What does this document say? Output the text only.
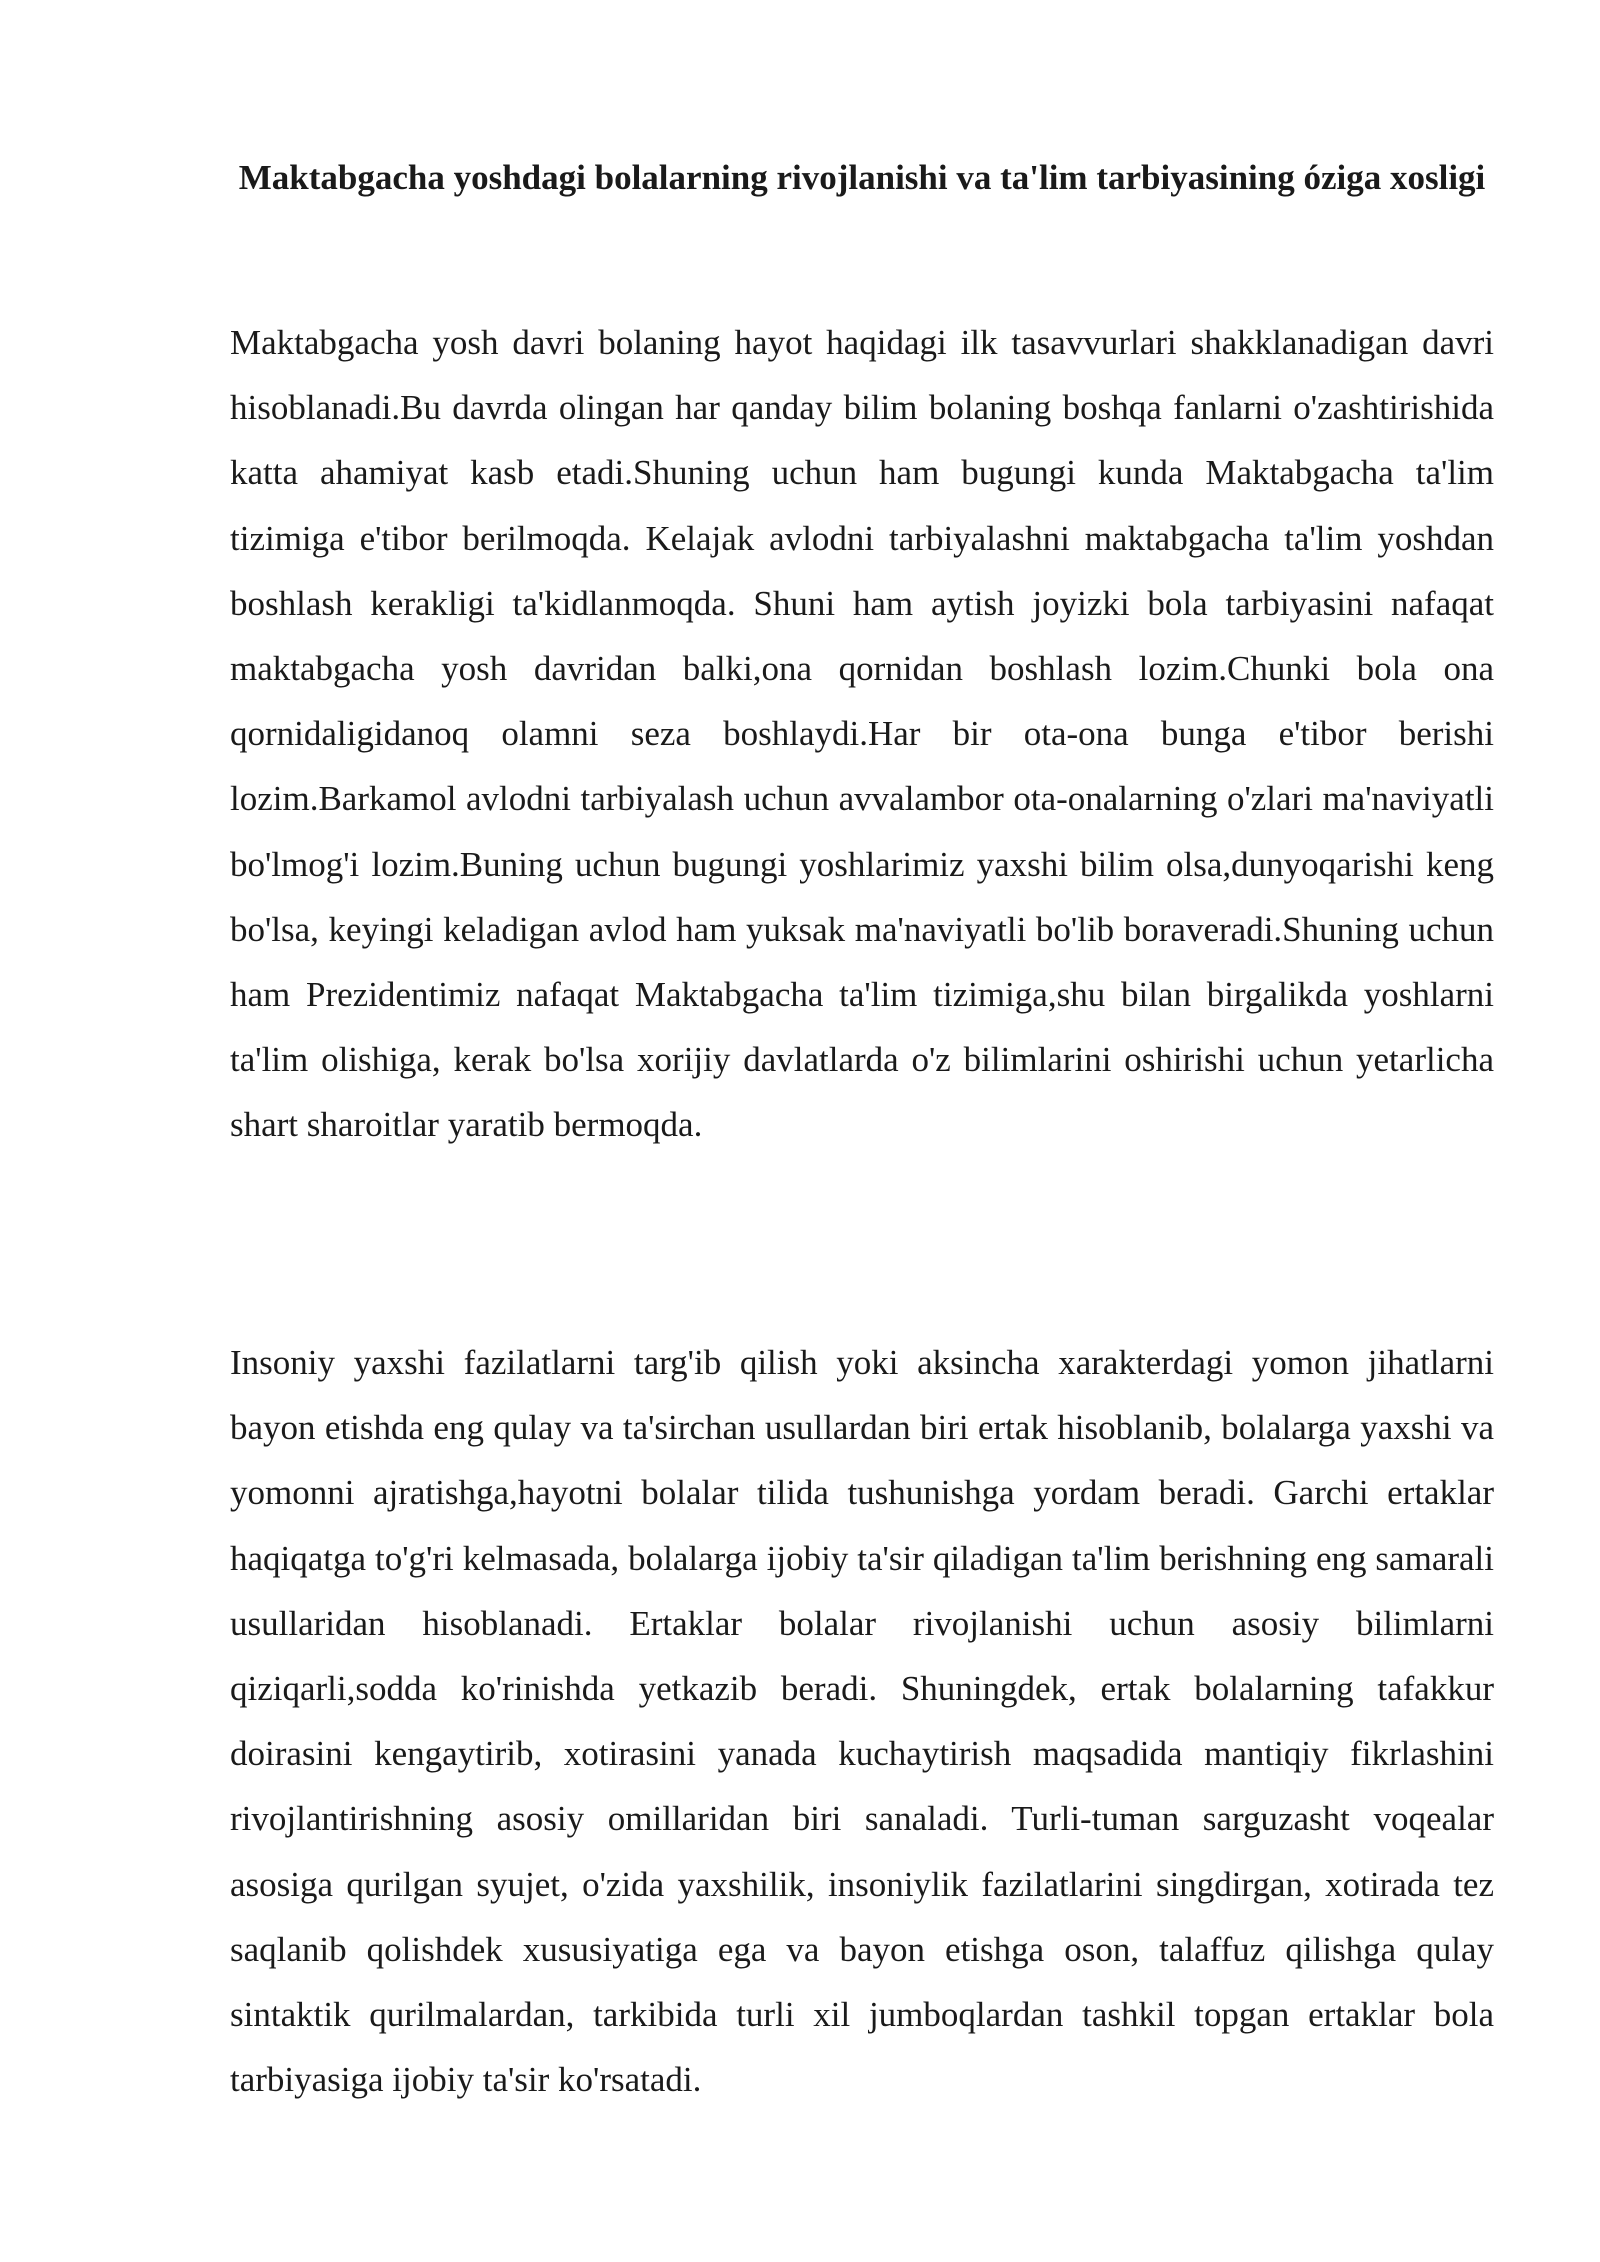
Maktabgacha yoshdagi bolalarning rivojlanishi va ta'lim tarbiyasining óziga xosligi

Maktabgacha yosh davri bolaning hayot haqidagi ilk tasavvurlari shakklanadigan davri hisoblanadi.Bu davrda olingan har qanday bilim bolaning boshqa fanlarni o'zashtirishida katta ahamiyat kasb etadi.Shuning uchun ham bugungi kunda Maktabgacha ta'lim tizimiga e'tibor berilmoqda. Kelajak avlodni tarbiyalashni maktabgacha ta'lim yoshdan boshlash kerakligi ta'kidlanmoqda. Shuni ham aytish joyizki bola tarbiyasini nafaqat maktabgacha yosh davridan balki,ona qornidan boshlash lozim.Chunki bola ona qornidaligidanoq olamni seza boshlaydi.Har bir ota-ona bunga e'tibor berishi lozim.Barkamol avlodni tarbiyalash uchun avvalambor ota-onalarning o'zlari ma'naviyatli bo'lmog'i lozim.Buning uchun bugungi yoshlarimiz yaxshi bilim olsa,dunyoqarishi keng bo'lsa, keyingi keladigan avlod ham yuksak ma'naviyatli bo'lib boraveradi.Shuning uchun ham Prezidentimiz nafaqat Maktabgacha ta'lim tizimiga,shu bilan birgalikda yoshlarni ta'lim olishiga, kerak bo'lsa xorijiy davlatlarda o'z bilimlarini oshirishi uchun yetarlicha shart sharoitlar yaratib bermoqda.

Insoniy yaxshi fazilatlarni targ'ib qilish yoki aksincha xarakterdagi yomon jihatlarni bayon etishda eng qulay va ta'sirchan usullardan biri ertak hisoblanib, bolalarga yaxshi va yomonni ajratishga,hayotni bolalar tilida tushunishga yordam beradi. Garchi ertaklar haqiqatga to'g'ri kelmasada, bolalarga ijobiy ta'sir qiladigan ta'lim berishning eng samarali usullaridan hisoblanadi. Ertaklar bolalar rivojlanishi uchun asosiy bilimlarni qiziqarli,sodda ko'rinishda yetkazib beradi. Shuningdek, ertak bolalarning tafakkur doirasini kengaytirib, xotirasini yanada kuchaytirish maqsadida mantiqiy fikrlashini rivojlantirishning asosiy omillaridan biri sanaladi. Turli-tuman sarguzasht voqealar asosiga qurilgan syujet, o'zida yaxshilik, insoniylik fazilatlarini singdirgan, xotirada tez saqlanib qolishdek xususiyatiga ega va bayon etishga oson, talaffuz qilishga qulay sintaktik qurilmalardan, tarkibida turli xil jumboqlardan tashkil topgan ertaklar bola tarbiyasiga ijobiy ta'sir ko'rsatadi.
